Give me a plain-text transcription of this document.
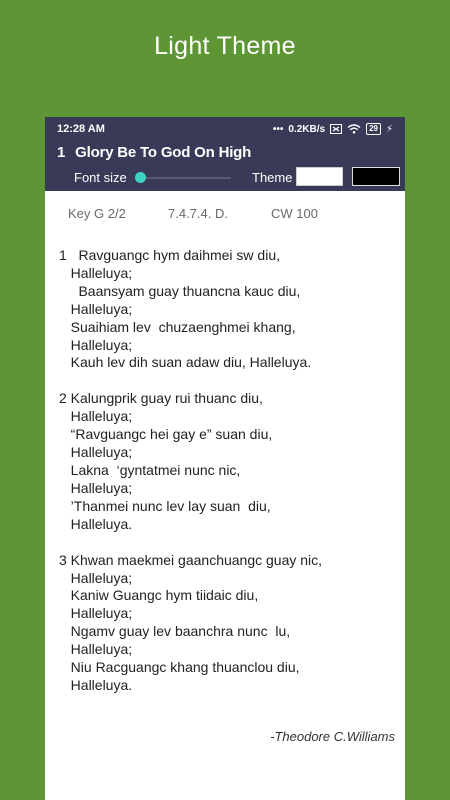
Light Theme
12:28 AM	••• 0.2KB/s	29 ⚡
1 Glory Be To God On High
Font size	Theme
Key G 2/2	7.4.7.4. D.	CW 100
1   Ravguangc hym daihmei sw diu,
Halleluya;
Baansyam guay thuancna kauc diu,
Halleluya;
Suaihiam lev  chuzaenghmei khang,
Halleluya;
Kauh lev dih suan adaw diu, Halleluya.
2 Kalungprik guay rui thuanc diu,
Halleluya;
“Ravguangc hei gay e” suan diu,
Halleluya;
Lakna  ‘gyntatmei nunc nic,
Halleluya;
’Thanmei nunc lev lay suan  diu,
Halleluya.
3 Khwan maekmei gaanchuangc guay nic,
Halleluya;
Kaniw Guangc hym tiidaic diu,
Halleluya;
Ngamv guay lev baanchra nunc  lu,
Halleluya;
Niu Racguangc khang thuanclou diu,
Halleluya.
-Theodore C.Williams
